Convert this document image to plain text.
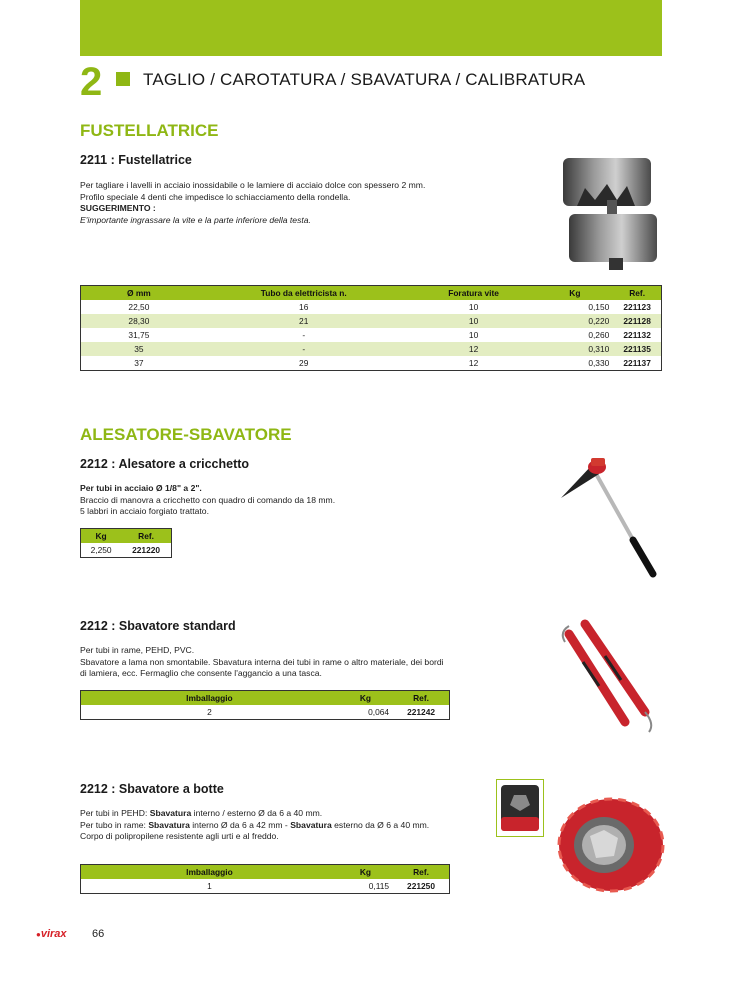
2 TAGLIO / CAROTATURA / SBAVATURA / CALIBRATURA
FUSTELLATRICE
2211 : Fustellatrice
Per tagliare i lavelli in acciaio inossidabile o le lamiere di acciaio dolce con spessero 2 mm.
Profilo speciale 4 denti che impedisce lo schiacciamento della rondella.
SUGGERIMENTO :
E'importante ingrassare la vite e la parte inferiore della testa.
Ø mm	Tubo da elettricista n.	Foratura vite	Kg	Ref.
22,50	16	10	0,150	221123
28,30	21	10	0,220	221128
31,75	-	10	0,260	221132
35	-	12	0,310	221135
37	29	12	0,330	221137
ALESATORE-SBAVATORE
2212 : Alesatore a cricchetto
Per tubi in acciaio Ø 1/8" a 2".
Braccio di manovra a cricchetto con quadro di comando da 18 mm.
5 labbri in acciaio forgiato trattato.
Kg	Ref.
2,250	221220
2212 : Sbavatore standard
Per tubi in rame, PEHD, PVC.
Sbavatore a lama non smontabile. Sbavatura interna dei tubi in rame o altro materiale, dei bordi
di lamiera, ecc. Fermaglio che consente l'aggancio a una tasca.
Imballaggio	Kg	Ref.
2	0,064	221242
2212 : Sbavatore a botte
Per tubi in PEHD: Sbavatura interno / esterno Ø da 6 a 40 mm.
Per tubo in rame: Sbavatura interno Ø da 6 a 42 mm - Sbavatura esterno da Ø 6 a 40 mm.
Corpo di polipropilene resistente agli urti e al freddo.
Imballaggio	Kg	Ref.
1	0,115	221250
●virax 66
